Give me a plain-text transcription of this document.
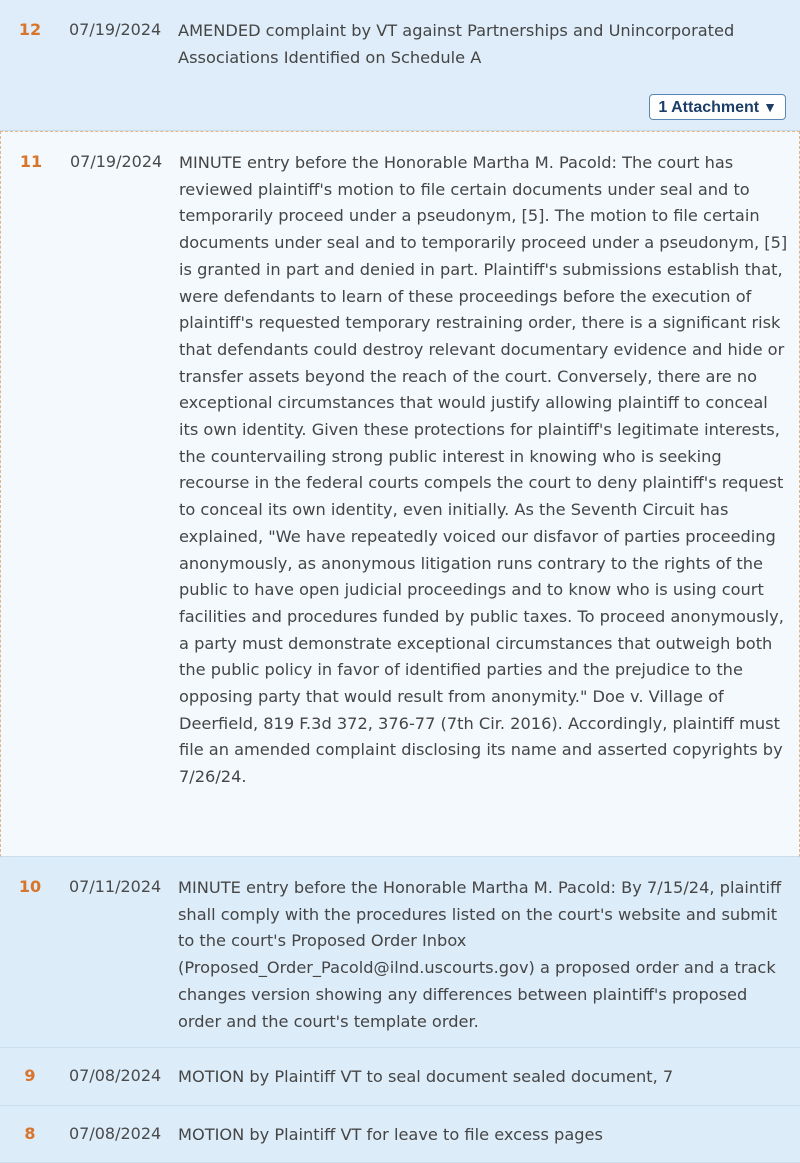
12	07/19/2024 AMENDED complaint by VT against Partnerships and Unincorporated Associations Identified on Schedule A
1 Attachment ▼
11	07/19/2024 MINUTE entry before the Honorable Martha M. Pacold: The court has reviewed plaintiff's motion to file certain documents under seal and to temporarily proceed under a pseudonym, [5]. The motion to file certain documents under seal and to temporarily proceed under a pseudonym, [5] is granted in part and denied in part. Plaintiff's submissions establish that, were defendants to learn of these proceedings before the execution of plaintiff's requested temporary restraining order, there is a significant risk that defendants could destroy relevant documentary evidence and hide or transfer assets beyond the reach of the court. Conversely, there are no exceptional circumstances that would justify allowing plaintiff to conceal its own identity. Given these protections for plaintiff's legitimate interests, the countervailing strong public interest in knowing who is seeking recourse in the federal courts compels the court to deny plaintiff's request to conceal its own identity, even initially. As the Seventh Circuit has explained, "We have repeatedly voiced our disfavor of parties proceeding anonymously, as anonymous litigation runs contrary to the rights of the public to have open judicial proceedings and to know who is using court facilities and procedures funded by public taxes. To proceed anonymously, a party must demonstrate exceptional circumstances that outweigh both the public policy in favor of identified parties and the prejudice to the opposing party that would result from anonymity." Doe v. Village of Deerfield, 819 F.3d 372, 376-77 (7th Cir. 2016). Accordingly, plaintiff must file an amended complaint disclosing its name and asserted copyrights by 7/26/24.
10	07/11/2024 MINUTE entry before the Honorable Martha M. Pacold: By 7/15/24, plaintiff shall comply with the procedures listed on the court's website and submit to the court's Proposed Order Inbox (Proposed_Order_Pacold@ilnd.uscourts.gov) a proposed order and a track changes version showing any differences between plaintiff's proposed order and the court's template order.
9	07/08/2024 MOTION by Plaintiff VT to seal document sealed document, 7
8	07/08/2024 MOTION by Plaintiff VT for leave to file excess pages
